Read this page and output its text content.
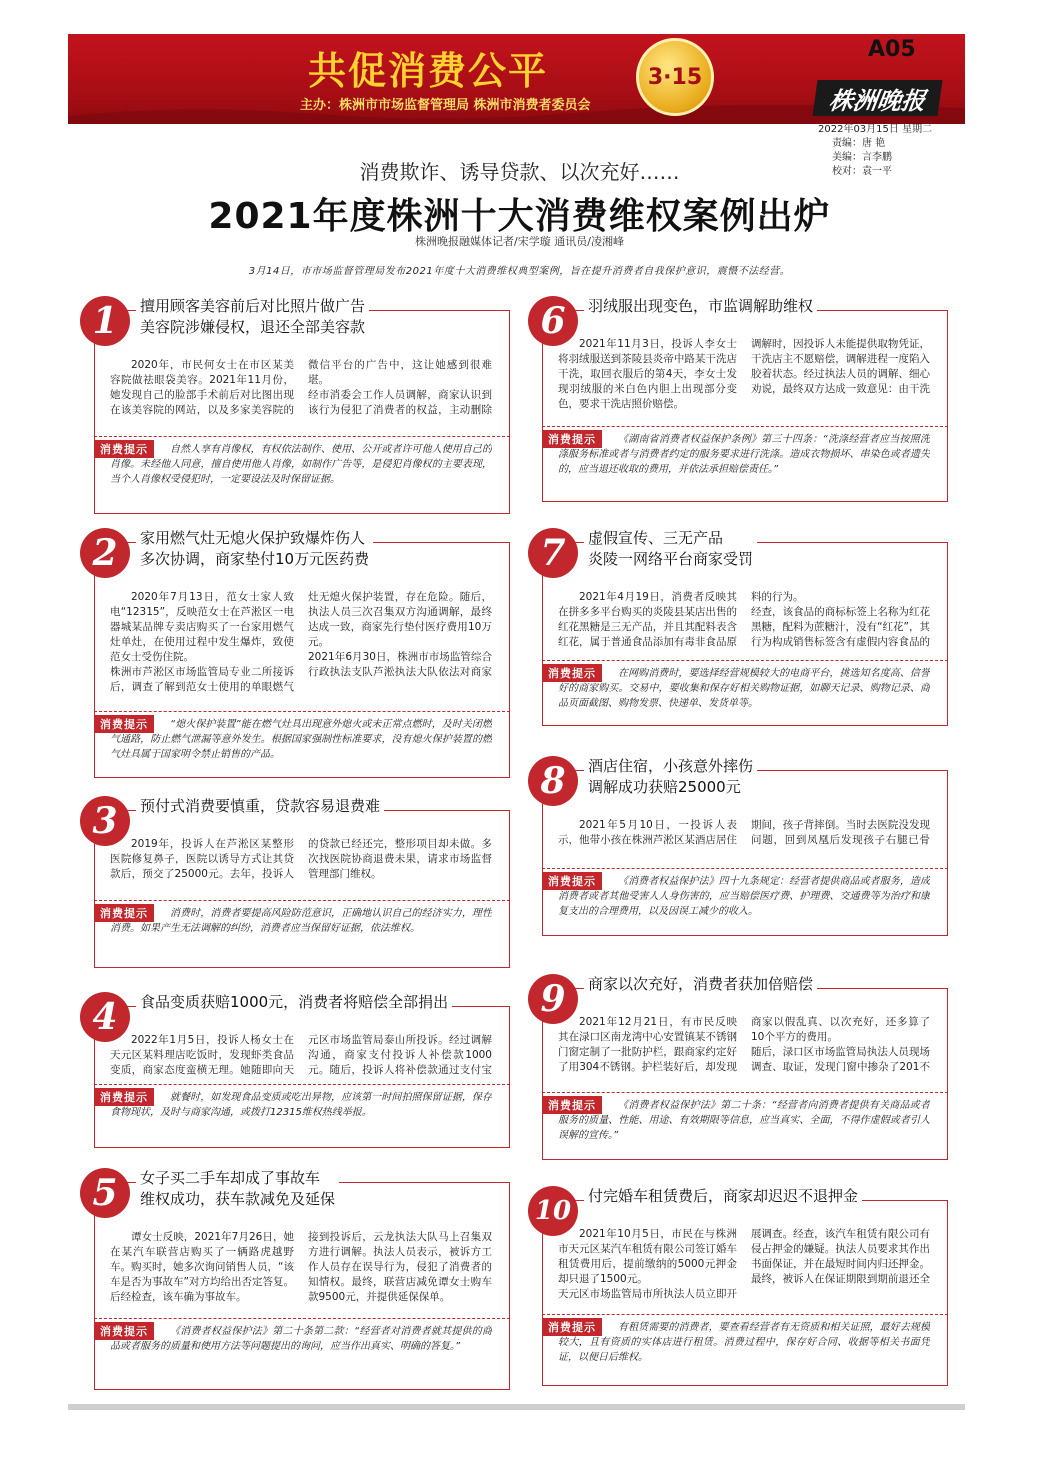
共促消费公平
主办：株洲市市场监督管理局 株洲市消费者委员会
3·15
A05
株洲晚报
2022年03月15日 星期二
责编：唐 艳
美编：言李鹏
校对：袁一平
消费欺诈、诱导贷款、以次充好……
2021年度株洲十大消费维权案例出炉
株洲晚报融媒体记者/宋学璇 通讯员/凌湘峰
3月14日，市市场监督管理局发布2021年度十大消费维权典型案例，旨在提升消费者自我保护意识，震慑不法经营。
1	擅用顾客美容前后对比照片做广告
美容院涉嫌侵权，退还全部美容款
2020年，市民何女士在市区某美容院做祛眼袋美容。2021年11月份，她发现自己的脸部手术前后对比图出现在该美容院的网站，以及多家美容院的微信平台的广告中，这让她感到很难堪。
经市消委会工作人员调解，商家认识到该行为侵犯了消费者的权益，主动删除
消费提示	自然人享有肖像权，有权依法制作、使用、公开或者许可他人使用自己的肖像。未经他人同意，擅自使用他人肖像，如制作广告等，是侵犯肖像权的主要表现，当个人肖像权受侵犯时，一定要设法及时保留证据。
2	家用燃气灶无熄火保护致爆炸伤人
多次协调，商家垫付10万元医药费
2020年7月13日，范女士家人致电“12315”，反映范女士在芦淞区一电器城某品牌专卖店购买了一台家用燃气灶单灶，在使用过程中发生爆炸，致使范女士受伤住院。
株洲市芦淞区市场监管局专业二所接诉后，调查了解到范女士使用的单眼燃气灶无熄火保护装置，存在危险。随后，执法人员三次召集双方沟通调解，最终达成一致，商家先行垫付医疗费用10万元。
2021年6月30日，株洲市市场监管综合行政执法支队芦淞执法大队依法对商家
消费提示	“熄火保护装置”能在燃气灶具出现意外熄火或未正常点燃时，及时关闭燃气通路，防止燃气泄漏等意外发生。根据国家强制性标准要求，没有熄火保护装置的燃气灶具属于国家明令禁止销售的产品。
3	预付式消费要慎重，贷款容易退费难
2019年，投诉人在芦淞区某整形医院修复鼻子，医院以诱导方式让其贷款后，预交了25000元。去年，投诉人的贷款已经还完，整形项目却未做。多次找医院协商退费未果，请求市场监督管理部门维权。

消费提示	消费时，消费者要提高风险防范意识，正确地认识自己的经济实力，理性消费。如果产生无法调解的纠纷，消费者应当保留好证据，依法维权。
4	食品变质获赔1000元，消费者将赔偿全部捐出
2022年1月5日，投诉人杨女士在天元区某料理店吃饭时，发现虾类食品变质，商家态度蛮横无理。她随即向天元区市场监管局泰山所投诉。经过调解沟通，商家支付投诉人补偿款1000元。随后，投诉人将补偿款通过支付宝
消费提示	就餐时，如发现食品变质或吃出异物，应该第一时间拍照保留证据，保存食物现状，及时与商家沟通，或拨打12315维权热线举报。
5	女子买二手车却成了事故车
维权成功，获车款减免及延保
谭女士反映，2021年7月26日，她在某汽车联营店购买了一辆路虎越野车。购买时，她多次询问销售人员，“该车是否为事故车”对方均给出否定答复。后经检查，该车确为事故车。
接到投诉后，云龙执法大队马上召集双方进行调解。执法人员表示，被诉方工作人员存在误导行为，侵犯了消费者的知情权。最终，联营店减免谭女士购车款9500元，并提供延保保单。
消费提示	《消费者权益保护法》第二十条第二款：“经营者对消费者就其提供的商品或者服务的质量和使用方法等问题提出的询问，应当作出真实、明确的答复。”
6	羽绒服出现变色，市监调解助维权
2021年11月3日，投诉人李女士将羽绒服送到茶陵县炎帝中路某干洗店干洗，取回衣服后的第4天，李女士发现羽绒服的米白色内胆上出现部分变色，要求干洗店照价赔偿。
调解时，因投诉人未能提供取物凭证，干洗店主不愿赔偿，调解进程一度陷入胶着状态。经过执法人员的调解、细心劝说，最终双方达成一致意见：由干洗
消费提示	《湖南省消费者权益保护条例》第三十四条：“洗涤经营者应当按照洗涤服务标准或者与消费者约定的服务要求进行洗涤。造成衣物损坏、串染色或者遗失的，应当退还收取的费用，并依法承担赔偿责任。”
7	虚假宣传、三无产品
炎陵一网络平台商家受罚
2021年4月19日，消费者反映其在拼多多平台购买的炎陵县某店出售的红花黑糖是三无产品，并且其配料表含红花，属于普通食品添加有毒非食品原料的行为。
经查，该食品的商标标签上名称为红花黑糖，配料为蔗糖汁，没有“红花”，其行为构成销售标签含有虚假内容食品的
消费提示	在网购消费时，要选择经营规模较大的电商平台，挑选知名度高、信誉好的商家购买。交易中，要收集和保存好相关购物证据，如聊天记录、购物记录、商品页面截图、购物发票、快递单、发货单等。
8	酒店住宿，小孩意外摔伤
调解成功获赔25000元
2021年5月10日，一投诉人表示，他带小孩在株洲芦淞区某酒店居住期间，孩子背摔倒。当时去医院没发现问题，回到凤凰后发现孩子右腿已骨

消费提示	《消费者权益保护法》四十九条规定：经营者提供商品或者服务，造成消费者或者其他受害人人身伤害的，应当赔偿医疗费、护理费、交通费等为治疗和康复支出的合理费用，以及因误工减少的收入。
9	商家以次充好，消费者获加倍赔偿
2021年12月21日，有市民反映其在渌口区南龙湾中心安置镇某不锈钢门窗定制了一批防护栏，跟商家约定好了用304不锈钢。护栏装好后，却发现商家以假乱真、以次充好，还多算了10个平方的费用。
随后，渌口区市场监管局执法人员现场调查、取证，发现门窗中掺杂了201不
消费提示	《消费者权益保护法》第二十条：“经营者向消费者提供有关商品或者服务的质量、性能、用途、有效期限等信息，应当真实、全面，不得作虚假或者引人误解的宣传。”
10	付完婚车租赁费后，商家却迟迟不退押金
2021年10月5日，市民在与株洲市天元区某汽车租赁有限公司签订婚车租赁费用后，提前缴纳的5000元押金却只退了1500元。
天元区市场监管局市所执法人员立即开展调查。经查，该汽车租赁有限公司有侵占押金的嫌疑。执法人员要求其作出书面保证，并在最短时间内归还押金。最终，被诉人在保证期限到期前退还全
消费提示	有租赁需要的消费者，要查看经营者有无资质和相关证照，最好去规模较大，且有资质的实体店进行租赁。消费过程中，保存好合同、收据等相关书面凭证，以便日后维权。
